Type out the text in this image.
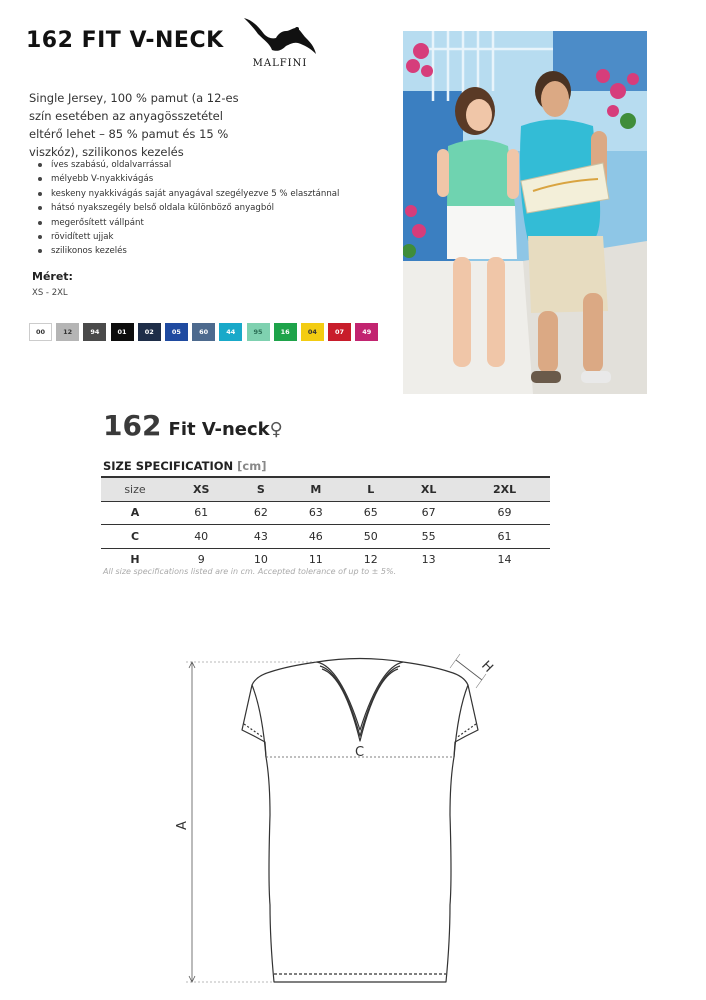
162 FIT V-NECK
MALFINI
Single Jersey, 100 % pamut (a 12-es szín esetében az anyagösszetétel eltérő lehet – 85 % pamut és 15 % viszkóz), szilikonos kezelés
íves szabású, oldalvarrással
mélyebb V-nyakkivágás
keskeny nyakkivágás saját anyagával szegélyezve 5 % elasztánnal
hátsó nyakszegély belső oldala különböző anyagból
megerősített vállpánt
rövidített ujjak
szilikonos kezelés
Méret:
XS - 2XL
00	12	94	01	02	05	60	44	95	16	04	07	49
162 Fit V-neck♀
SIZE SPECIFICATION [cm]
size	XS	S	M	L	XL	2XL
A	61	62	63	65	67	69
C	40	43	46	50	55	61
H	9	10	11	12	13	14
All size specifications listed are in cm. Accepted tolerance of up to ± 5%.
C
A
H
